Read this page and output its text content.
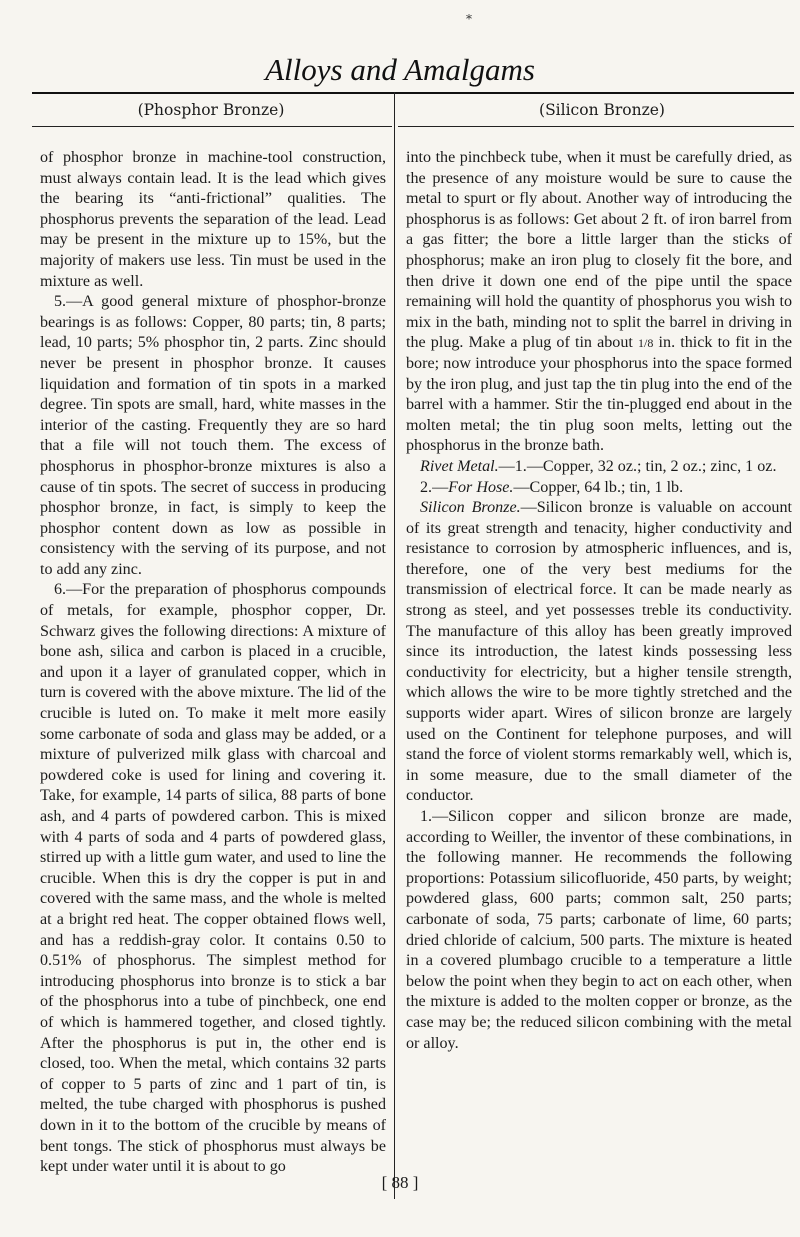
*
Alloys and Amalgams
(Phosphor Bronze)	(Silicon Bronze)

of phosphor bronze in machine-tool construction, must always contain lead. It is the lead which gives the bearing its “anti-frictional” qualities. The phosphorus prevents the separation of the lead. Lead may be present in the mixture up to 15%, but the majority of makers use less. Tin must be used in the mixture as well.

5.—A good general mixture of phosphor-bronze bearings is as follows: Copper, 80 parts; tin, 8 parts; lead, 10 parts; 5% phosphor tin, 2 parts. Zinc should never be present in phosphor bronze. It causes liquidation and formation of tin spots in a marked degree. Tin spots are small, hard, white masses in the interior of the casting. Frequently they are so hard that a file will not touch them. The excess of phosphorus in phosphor-bronze mixtures is also a cause of tin spots. The secret of success in producing phosphor bronze, in fact, is simply to keep the phosphor content down as low as possible in consistency with the serving of its purpose, and not to add any zinc.

6.—For the preparation of phosphorus compounds of metals, for example, phosphor copper, Dr. Schwarz gives the following directions: A mixture of bone ash, silica and carbon is placed in a crucible, and upon it a layer of granulated copper, which in turn is covered with the above mixture. The lid of the crucible is luted on. To make it melt more easily some carbonate of soda and glass may be added, or a mixture of pulverized milk glass with charcoal and powdered coke is used for lining and covering it. Take, for example, 14 parts of silica, 88 parts of bone ash, and 4 parts of powdered carbon. This is mixed with 4 parts of soda and 4 parts of powdered glass, stirred up with a little gum water, and used to line the crucible. When this is dry the copper is put in and covered with the same mass, and the whole is melted at a bright red heat. The copper obtained flows well, and has a reddish-gray color. It contains 0.50 to 0.51% of phosphorus. The simplest method for introducing phosphorus into bronze is to stick a bar of the phosphorus into a tube of pinchbeck, one end of which is hammered together, and closed tightly. After the phosphorus is put in, the other end is closed, too. When the metal, which contains 32 parts of copper to 5 parts of zinc and 1 part of tin, is melted, the tube charged with phosphorus is pushed down in it to the bottom of the crucible by means of bent tongs. The stick of phosphorus must always be kept under water until it is about to go

into the pinchbeck tube, when it must be carefully dried, as the presence of any moisture would be sure to cause the metal to spurt or fly about. Another way of introducing the phosphorus is as follows: Get about 2 ft. of iron barrel from a gas fitter; the bore a little larger than the sticks of phosphorus; make an iron plug to closely fit the bore, and then drive it down one end of the pipe until the space remaining will hold the quantity of phosphorus you wish to mix in the bath, minding not to split the barrel in driving in the plug. Make a plug of tin about 1/8 in. thick to fit in the bore; now introduce your phosphorus into the space formed by the iron plug, and just tap the tin plug into the end of the barrel with a hammer. Stir the tin-plugged end about in the molten metal; the tin plug soon melts, letting out the phosphorus in the bronze bath.

Rivet Metal.—1.—Copper, 32 oz.; tin, 2 oz.; zinc, 1 oz.

2.—For Hose.—Copper, 64 lb.; tin, 1 lb.

Silicon Bronze.—Silicon bronze is valuable on account of its great strength and tenacity, higher conductivity and resistance to corrosion by atmospheric influences, and is, therefore, one of the very best mediums for the transmission of electrical force. It can be made nearly as strong as steel, and yet possesses treble its conductivity. The manufacture of this alloy has been greatly improved since its introduction, the latest kinds possessing less conductivity for electricity, but a higher tensile strength, which allows the wire to be more tightly stretched and the supports wider apart. Wires of silicon bronze are largely used on the Continent for telephone purposes, and will stand the force of violent storms remarkably well, which is, in some measure, due to the small diameter of the conductor.

1.—Silicon copper and silicon bronze are made, according to Weiller, the inventor of these combinations, in the following manner. He recommends the following proportions: Potassium silicofluoride, 450 parts, by weight; powdered glass, 600 parts; common salt, 250 parts; carbonate of soda, 75 parts; carbonate of lime, 60 parts; dried chloride of calcium, 500 parts. The mixture is heated in a covered plumbago crucible to a temperature a little below the point when they begin to act on each other, when the mixture is added to the molten copper or bronze, as the case may be; the reduced silicon combining with the metal or alloy.

[ 88 ]
